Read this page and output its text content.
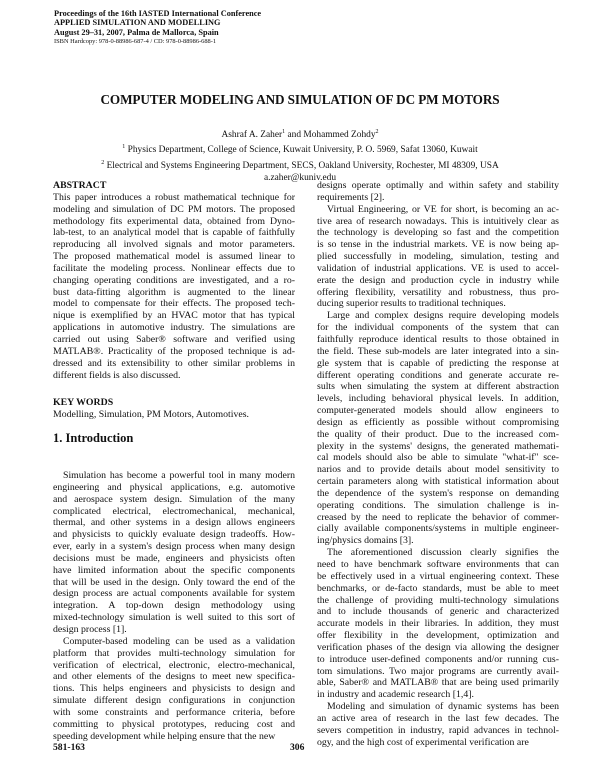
Proceedings of the 16th IASTED International Conference
APPLIED SIMULATION AND MODELLING
August 29–31, 2007, Palma de Mallorca, Spain
ISBN Hardcopy: 978-0-88986-687-4 / CD: 978-0-88986-688-1
COMPUTER MODELING AND SIMULATION OF DC PM MOTORS
Ashraf A. Zaher$^1$ and Mohammed Zohdy$^2$
$^1$ Physics Department, College of Science, Kuwait University, P. O. 5969, Safat 13060, Kuwait
$^2$ Electrical and Systems Engineering Department, SECS, Oakland University, Rochester, MI 48309, USA
a.zaher@kuniv.edu
ABSTRACT
This paper introduces a robust mathematical technique for
modeling and simulation of DC PM motors. The proposed
methodology fits experimental data, obtained from Dyno-
lab-test, to an analytical model that is capable of faithfully
reproducing all involved signals and motor parameters.
The proposed mathematical model is assumed linear to
facilitate the modeling process. Nonlinear effects due to
changing operating conditions are investigated, and a ro-
bust data-fitting algorithm is augmented to the linear
model to compensate for their effects. The proposed tech-
nique is exemplified by an HVAC motor that has typical
applications in automotive industry. The simulations are
carried out using Saber® software and verified using
MATLAB®. Practicality of the proposed technique is ad-
dressed and its extensibility to other similar problems in
different fields is also discussed.
KEY WORDS
Modelling, Simulation, PM Motors, Automotives.
1. Introduction
Simulation has become a powerful tool in many modern
engineering and physical applications, e.g. automotive
and aerospace system design. Simulation of the many
complicated electrical, electromechanical, mechanical,
thermal, and other systems in a design allows engineers
and physicists to quickly evaluate design tradeoffs. How-
ever, early in a system's design process when many design
decisions must be made, engineers and physicists often
have limited information about the specific components
that will be used in the design. Only toward the end of the
design process are actual components available for system
integration. A top-down design methodology using
mixed-technology simulation is well suited to this sort of
design process [1].
Computer-based modeling can be used as a validation
platform that provides multi-technology simulation for
verification of electrical, electronic, electro-mechanical,
and other elements of the designs to meet new specifica-
tions. This helps engineers and physicists to design and
simulate different design configurations in conjunction
with some constraints and performance criteria, before
committing to physical prototypes, reducing cost and
speeding development while helping ensure that the new
designs operate optimally and within safety and stability
requirements [2].
Virtual Engineering, or VE for short, is becoming an ac-
tive area of research nowadays. This is intuitively clear as
the technology is developing so fast and the competition
is so tense in the industrial markets. VE is now being ap-
plied successfully in modeling, simulation, testing and
validation of industrial applications. VE is used to accel-
erate the design and production cycle in industry while
offering flexibility, versatility and robustness, thus pro-
ducing superior results to traditional techniques.
Large and complex designs require developing models
for the individual components of the system that can
faithfully reproduce identical results to those obtained in
the field. These sub-models are later integrated into a sin-
gle system that is capable of predicting the response at
different operating conditions and generate accurate re-
sults when simulating the system at different abstraction
levels, including behavioral physical levels. In addition,
computer-generated models should allow engineers to
design as efficiently as possible without compromising
the quality of their product. Due to the increased com-
plexity in the systems' designs, the generated mathemati-
cal models should also be able to simulate "what-if" sce-
narios and to provide details about model sensitivity to
certain parameters along with statistical information about
the dependence of the system's response on demanding
operating conditions. The simulation challenge is in-
creased by the need to replicate the behavior of commer-
cially available components/systems in multiple engineer-
ing/physics domains [3].
The aforementioned discussion clearly signifies the
need to have benchmark software environments that can
be effectively used in a virtual engineering context. These
benchmarks, or de-facto standards, must be able to meet
the challenge of providing multi-technology simulations
and to include thousands of generic and characterized
accurate models in their libraries. In addition, they must
offer flexibility in the development, optimization and
verification phases of the design via allowing the designer
to introduce user-defined components and/or running cus-
tom simulations. Two major programs are currently avail-
able, Saber® and MATLAB® that are being used primarily
in industry and academic research [1,4].
Modeling and simulation of dynamic systems has been
an active area of research in the last few decades. The
severs competition in industry, rapid advances in technol-
ogy, and the high cost of experimental verification are
581-163	306
